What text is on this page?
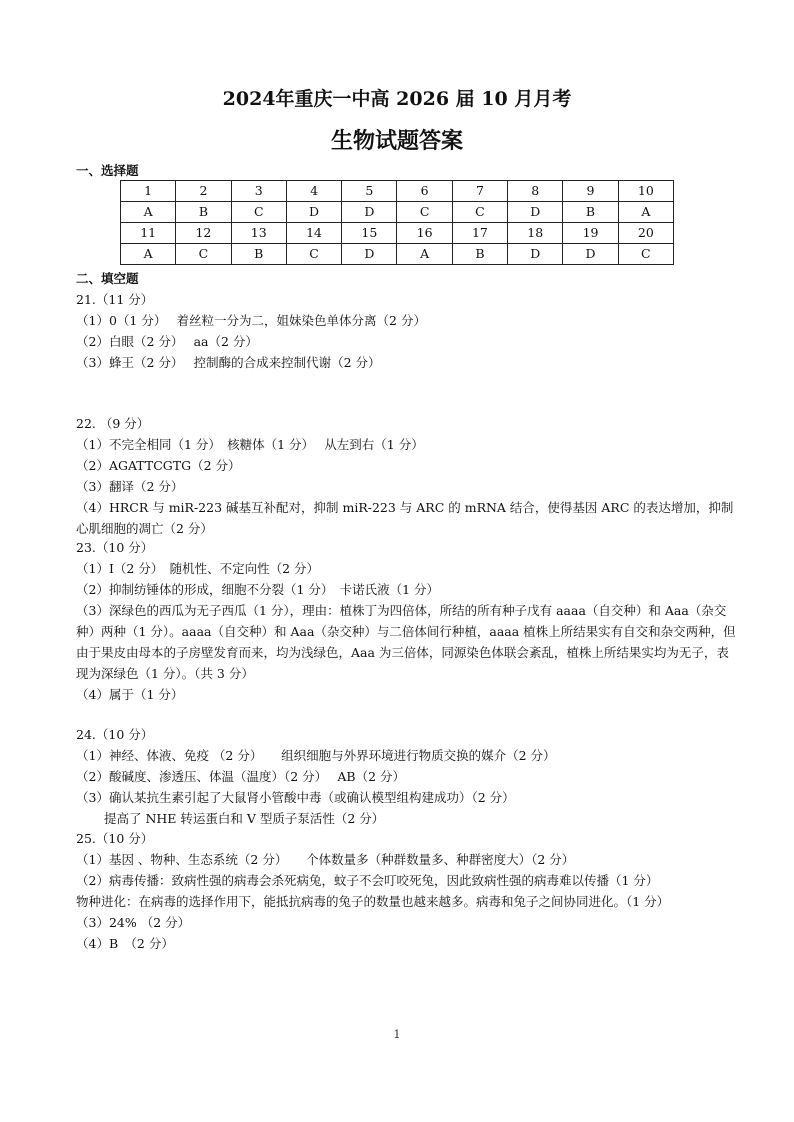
2024年重庆一中高 2026 届 10 月月考
生物试题答案
一、选择题
1	2	3	4	5	6	7	8	9	10
A	B	C	D	D	C	C	D	B	A
11	12	13	14	15	16	17	18	19	20
A	C	B	C	D	A	B	D	D	C
二、填空题
21.（11 分）
（1）0（1 分）　 着丝粒一分为二，姐妹染色单体分离（2 分）
（2）白眼（2 分）　 aa（2 分）
（3）蜂王（2 分）　 控制酶的合成来控制代谢（2 分）
22. （9 分）
（1）不完全相同（1 分）　核糖体（1 分）　 从左到右（1 分）
（2）AGATTCGTG（2 分）
（3）翻译（2 分）
（4）HRCR 与 miR-223 碱基互补配对，抑制 miR-223 与 ARC 的 mRNA 结合，使得基因 ARC 的表达增加，抑制心肌细胞的凋亡（2 分）
23.（10 分）
（1）Ⅰ（2 分）　随机性、不定向性（2 分）
（2）抑制纺锤体的形成，细胞不分裂（1 分）　卡诺氏液（1 分）
（3）深绿色的西瓜为无子西瓜（1 分），理由：植株丁为四倍体，所结的所有种子戊有 aaaa（自交种）和 Aaa（杂交种）两种（1 分）。aaaa（自交种）和 Aaa（杂交种）与二倍体间行种植，aaaa 植株上所结果实有自交和杂交两种，但由于果皮由母本的子房壁发育而来，均为浅绿色，Aaa 为三倍体，同源染色体联会紊乱，植株上所结果实均为无子，表现为深绿色（1 分）。（共 3 分）
（4）属于（1 分）
24.（10 分）
（1）神经、体液、免疫 （2 分）　　组织细胞与外界环境进行物质交换的媒介（2 分）
（2）酸碱度、渗透压、体温（温度）（2 分）　 AB（2 分）
（3）确认某抗生素引起了大鼠肾小管酸中毒（或确认模型组构建成功）（2 分）
提高了 NHE 转运蛋白和 V 型质子泵活性（2 分）
25.（10 分）
（1）基因 、物种、生态系统（2 分）　　个体数量多（种群数量多、种群密度大）（2 分）
（2）病毒传播：致病性强的病毒会杀死病兔，蚊子不会叮咬死兔，因此致病性强的病毒难以传播（1 分）
物种进化：在病毒的选择作用下，能抵抗病毒的兔子的数量也越来越多。病毒和兔子之间协同进化。（1 分）
（3）24% （2 分）
（4）B　（2 分）
1
